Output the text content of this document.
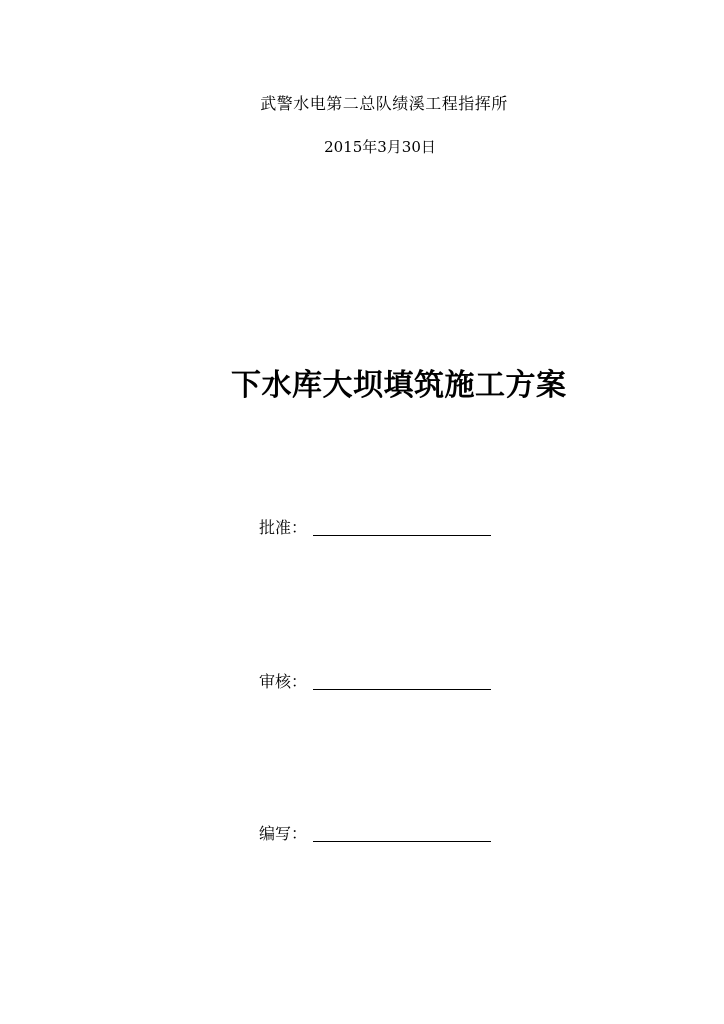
武警水电第二总队绩溪工程指挥所
2015年3月30日
下水库大坝填筑施工方案
批准：
审核：
编写：
